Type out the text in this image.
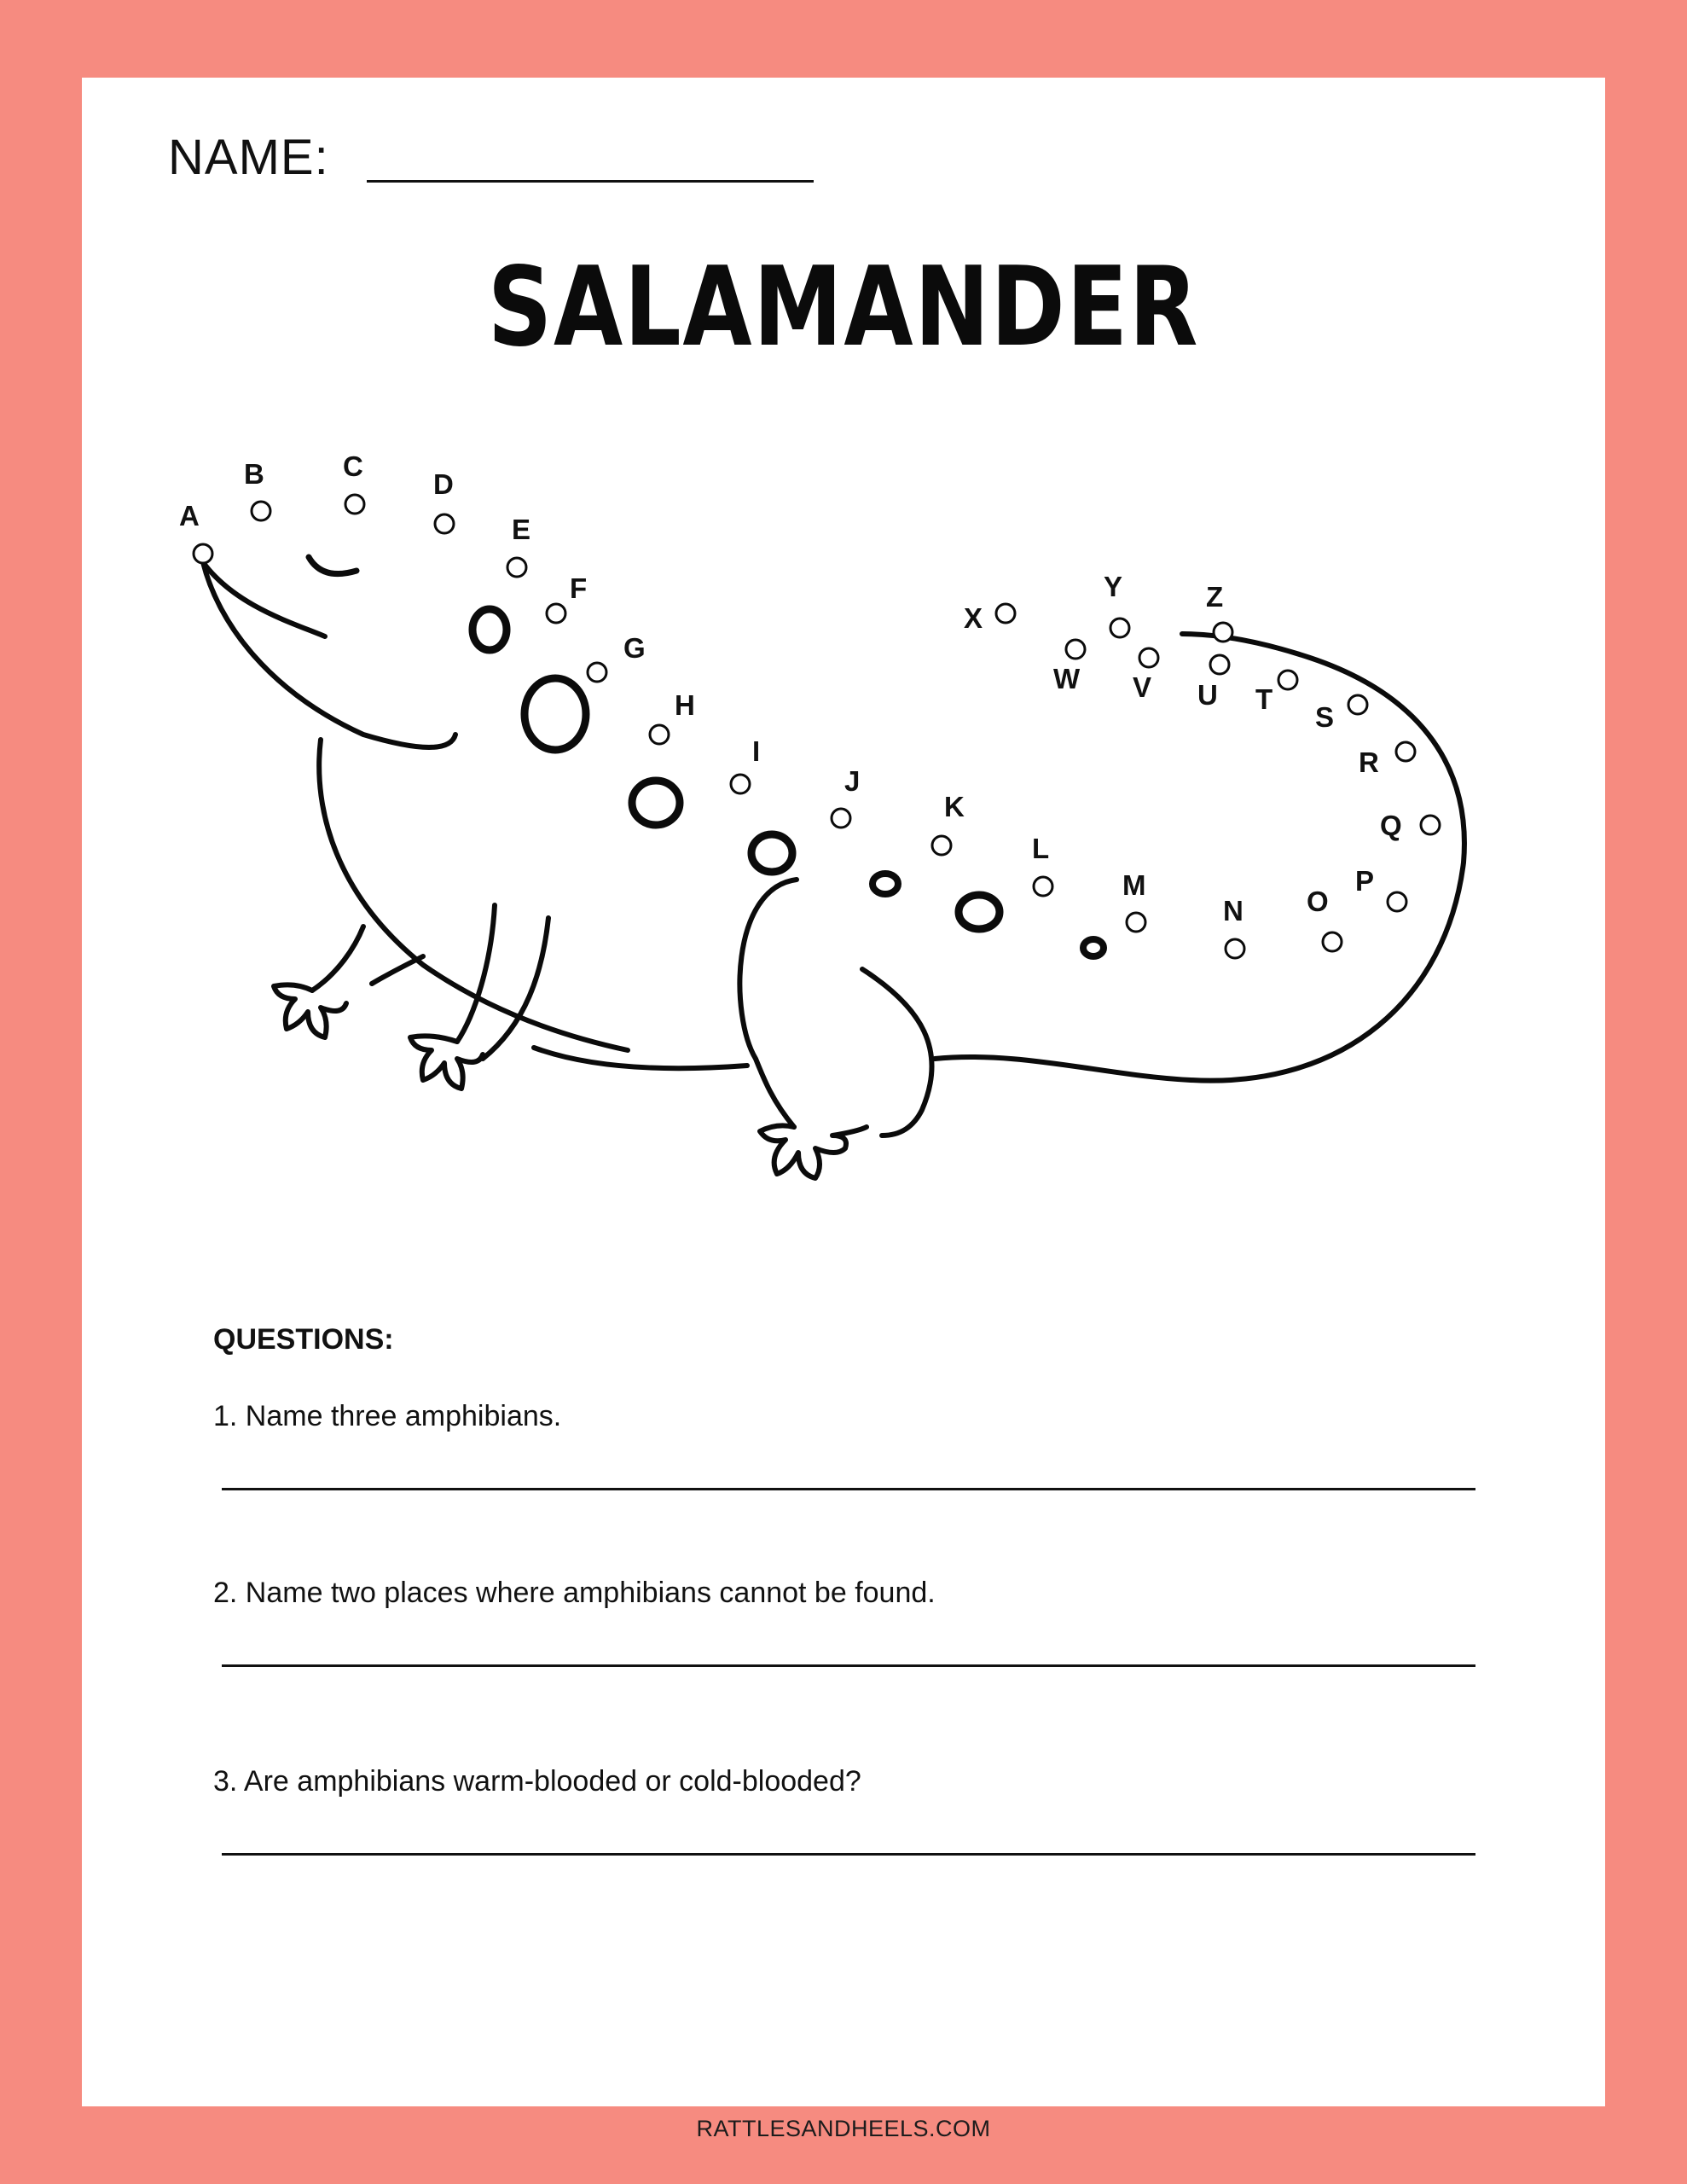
NAME:
SALAMANDER
A
B	C
D
E
F
G
H
I
J
K
L
M
N O
P
Q
R
S
T
U
V
W
X
Y	Z
QUESTIONS:
1. Name three amphibians.
2. Name two places where amphibians cannot be found.
3. Are amphibians warm-blooded or cold-blooded?
RATTLESANDHEELS.COM
